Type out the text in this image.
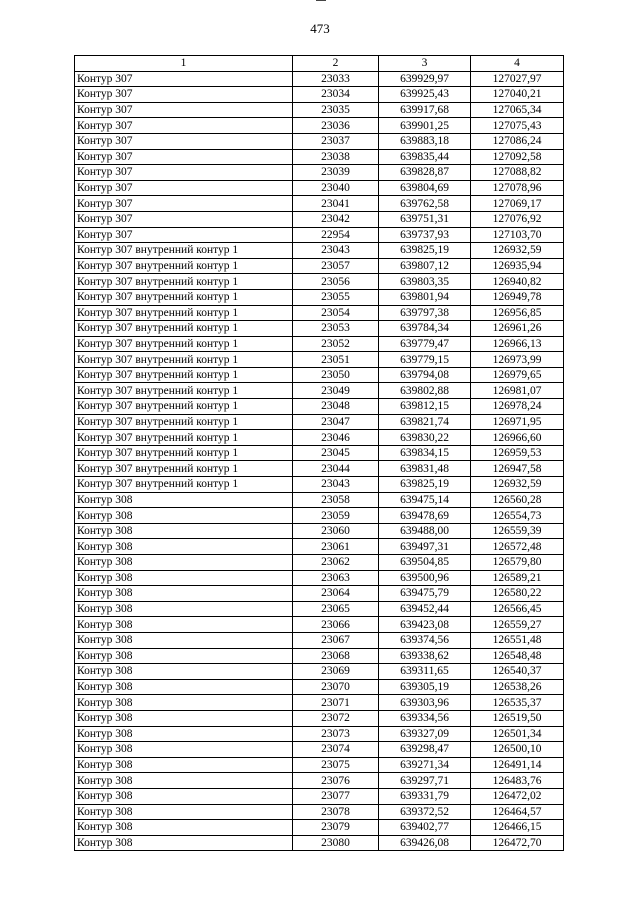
473
1	2	3	4
Контур 307	23033	639929,97	127027,97
Контур 307	23034	639925,43	127040,21
Контур 307	23035	639917,68	127065,34
Контур 307	23036	639901,25	127075,43
Контур 307	23037	639883,18	127086,24
Контур 307	23038	639835,44	127092,58
Контур 307	23039	639828,87	127088,82
Контур 307	23040	639804,69	127078,96
Контур 307	23041	639762,58	127069,17
Контур 307	23042	639751,31	127076,92
Контур 307	22954	639737,93	127103,70
Контур 307 внутренний контур 1	23043	639825,19	126932,59
Контур 307 внутренний контур 1	23057	639807,12	126935,94
Контур 307 внутренний контур 1	23056	639803,35	126940,82
Контур 307 внутренний контур 1	23055	639801,94	126949,78
Контур 307 внутренний контур 1	23054	639797,38	126956,85
Контур 307 внутренний контур 1	23053	639784,34	126961,26
Контур 307 внутренний контур 1	23052	639779,47	126966,13
Контур 307 внутренний контур 1	23051	639779,15	126973,99
Контур 307 внутренний контур 1	23050	639794,08	126979,65
Контур 307 внутренний контур 1	23049	639802,88	126981,07
Контур 307 внутренний контур 1	23048	639812,15	126978,24
Контур 307 внутренний контур 1	23047	639821,74	126971,95
Контур 307 внутренний контур 1	23046	639830,22	126966,60
Контур 307 внутренний контур 1	23045	639834,15	126959,53
Контур 307 внутренний контур 1	23044	639831,48	126947,58
Контур 307 внутренний контур 1	23043	639825,19	126932,59
Контур 308	23058	639475,14	126560,28
Контур 308	23059	639478,69	126554,73
Контур 308	23060	639488,00	126559,39
Контур 308	23061	639497,31	126572,48
Контур 308	23062	639504,85	126579,80
Контур 308	23063	639500,96	126589,21
Контур 308	23064	639475,79	126580,22
Контур 308	23065	639452,44	126566,45
Контур 308	23066	639423,08	126559,27
Контур 308	23067	639374,56	126551,48
Контур 308	23068	639338,62	126548,48
Контур 308	23069	639311,65	126540,37
Контур 308	23070	639305,19	126538,26
Контур 308	23071	639303,96	126535,37
Контур 308	23072	639334,56	126519,50
Контур 308	23073	639327,09	126501,34
Контур 308	23074	639298,47	126500,10
Контур 308	23075	639271,34	126491,14
Контур 308	23076	639297,71	126483,76
Контур 308	23077	639331,79	126472,02
Контур 308	23078	639372,52	126464,57
Контур 308	23079	639402,77	126466,15
Контур 308	23080	639426,08	126472,70
